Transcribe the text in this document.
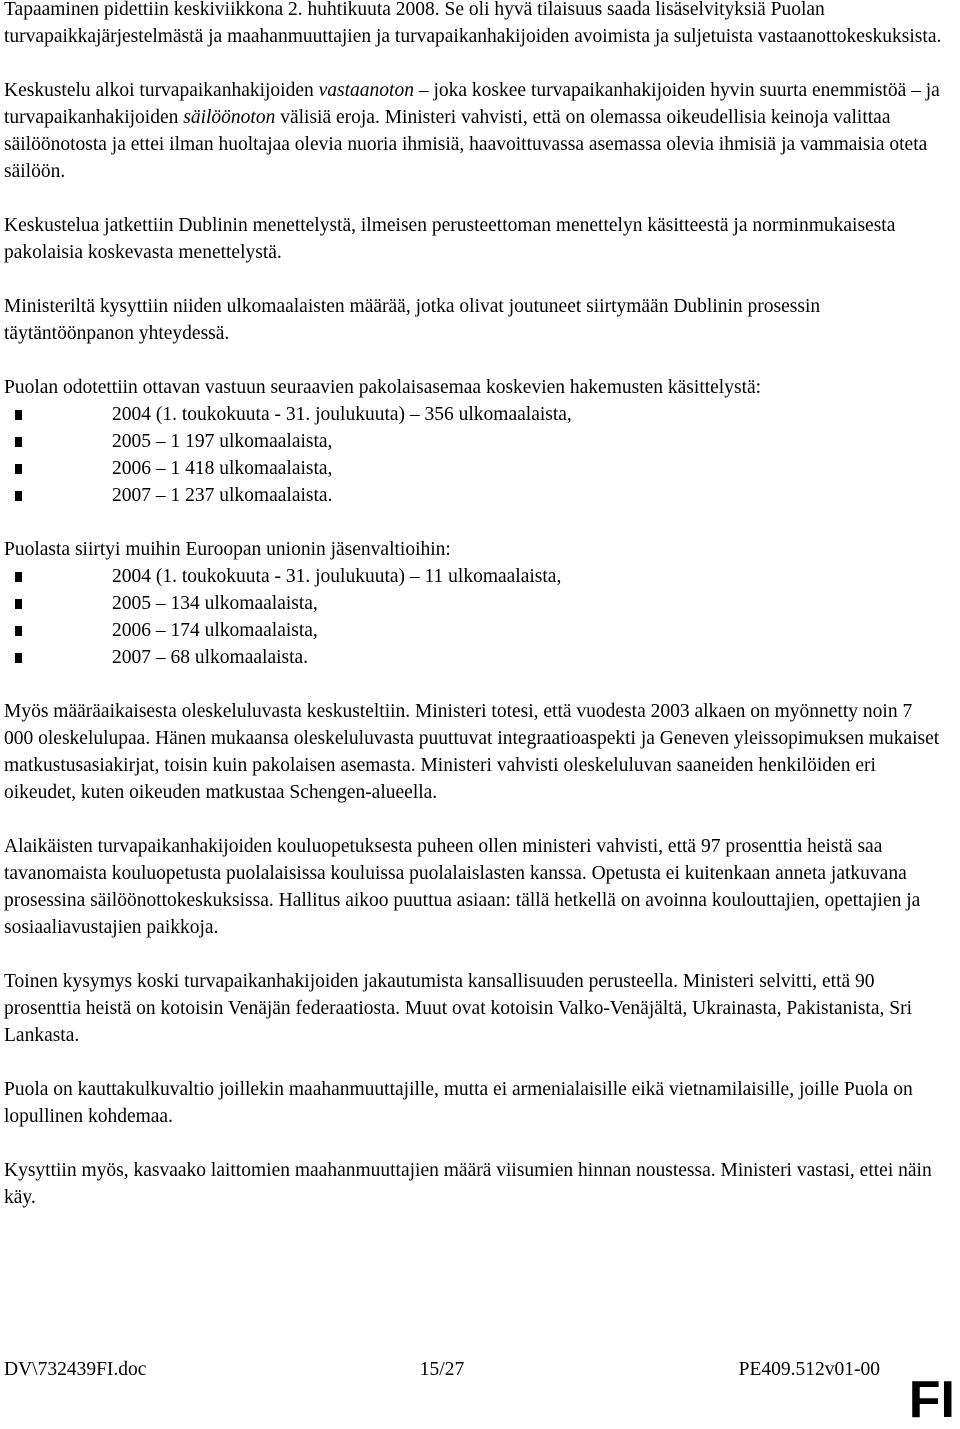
Tapaaminen pidettiin keskiviikkona 2. huhtikuuta 2008. Se oli hyvä tilaisuus saada lisäselvityksiä Puolan turvapaikkajärjestelmästä ja maahanmuuttajien ja turvapaikanhakijoiden avoimista ja suljetuista vastaanottokeskuksista.

Keskustelu alkoi turvapaikanhakijoiden vastaanoton – joka koskee turvapaikanhakijoiden hyvin suurta enemmistöä – ja turvapaikanhakijoiden säilöönoton välisiä eroja. Ministeri vahvisti, että on olemassa oikeudellisia keinoja valittaa säilöönotosta ja ettei ilman huoltajaa olevia nuoria ihmisiä, haavoittuvassa asemassa olevia ihmisiä ja vammaisia oteta säilöön.

Keskustelua jatkettiin Dublinin menettelystä, ilmeisen perusteettoman menettelyn käsitteestä ja norminmukaisesta pakolaisia koskevasta menettelystä.

Ministeriltä kysyttiin niiden ulkomaalaisten määrää, jotka olivat joutuneet siirtymään Dublinin prosessin täytäntöönpanon yhteydessä.

Puolan odotettiin ottavan vastuun seuraavien pakolaisasemaa koskevien hakemusten käsittelystä:

2004 (1. toukokuuta - 31. joulukuuta) – 356 ulkomaalaista,
2005 – 1 197 ulkomaalaista,
2006 – 1 418 ulkomaalaista,
2007 – 1 237 ulkomaalaista.

Puolasta siirtyi muihin Euroopan unionin jäsenvaltioihin:

2004 (1. toukokuuta - 31. joulukuuta) – 11 ulkomaalaista,
2005 – 134 ulkomaalaista,
2006 – 174 ulkomaalaista,
2007 – 68 ulkomaalaista.

Myös määräaikaisesta oleskeluluvasta keskusteltiin. Ministeri totesi, että vuodesta 2003 alkaen on myönnetty noin 7 000 oleskelulupaa. Hänen mukaansa oleskeluluvasta puuttuvat integraatioaspekti ja Geneven yleissopimuksen mukaiset matkustusasiakirjat, toisin kuin pakolaisen asemasta. Ministeri vahvisti oleskeluluvan saaneiden henkilöiden eri oikeudet, kuten oikeuden matkustaa Schengen-alueella.

Alaikäisten turvapaikanhakijoiden kouluopetuksesta puheen ollen ministeri vahvisti, että 97 prosenttia heistä saa tavanomaista kouluopetusta puolalaisissa kouluissa puolalaislasten kanssa. Opetusta ei kuitenkaan anneta jatkuvana prosessina säilöönottokeskuksissa. Hallitus aikoo puuttua asiaan: tällä hetkellä on avoinna koulouttajien, opettajien ja sosiaaliavustajien paikkoja.

Toinen kysymys koski turvapaikanhakijoiden jakautumista kansallisuuden perusteella. Ministeri selvitti, että 90 prosenttia heistä on kotoisin Venäjän federaatiosta. Muut ovat kotoisin Valko-Venäjältä, Ukrainasta, Pakistanista, Sri Lankasta.

Puola on kauttakulkuvaltio joillekin maahanmuuttajille, mutta ei armenialaisille eikä vietnamilaisille, joille Puola on lopullinen kohdemaa.

Kysyttiin myös, kasvaako laittomien maahanmuuttajien määrä viisumien hinnan noustessa. Ministeri vastasi, ettei näin käy.

DV\732439FI.doc	15/27	PE409.512v01-00
FI
